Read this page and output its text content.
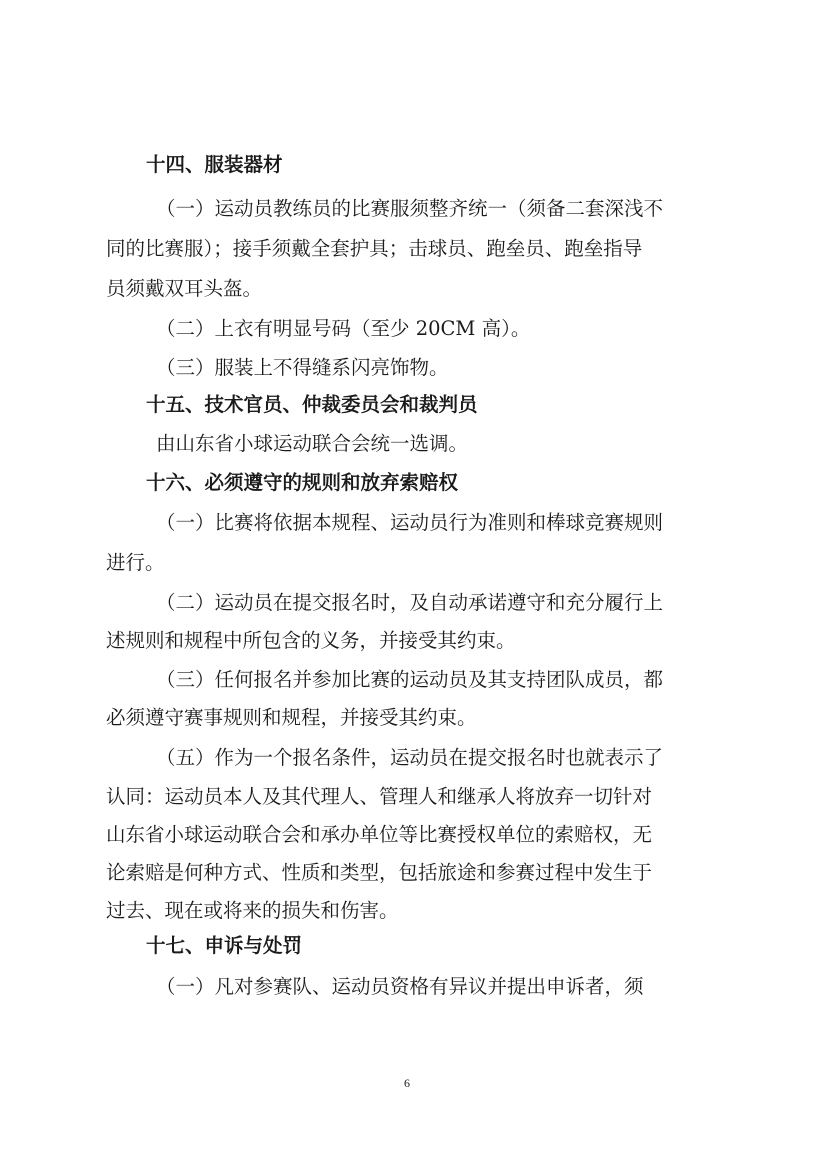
十四、服装器材

（一）运动员教练员的比赛服须整齐统一（须备二套深浅不

同的比赛服）；接手须戴全套护具；击球员、跑垒员、跑垒指导

员须戴双耳头盔。

（二）上衣有明显号码（至少 20CM 高）。

（三）服装上不得缝系闪亮饰物。

十五、技术官员、仲裁委员会和裁判员

由山东省小球运动联合会统一选调。

十六、必须遵守的规则和放弃索赔权

（一）比赛将依据本规程、运动员行为准则和棒球竞赛规则

进行。

（二）运动员在提交报名时，及自动承诺遵守和充分履行上

述规则和规程中所包含的义务，并接受其约束。

（三）任何报名并参加比赛的运动员及其支持团队成员，都

必须遵守赛事规则和规程，并接受其约束。

（五）作为一个报名条件，运动员在提交报名时也就表示了

认同：运动员本人及其代理人、管理人和继承人将放弃一切针对

山东省小球运动联合会和承办单位等比赛授权单位的索赔权，无

论索赔是何种方式、性质和类型，包括旅途和参赛过程中发生于

过去、现在或将来的损失和伤害。

十七、申诉与处罚

（一）凡对参赛队、运动员资格有异议并提出申诉者，须

6
